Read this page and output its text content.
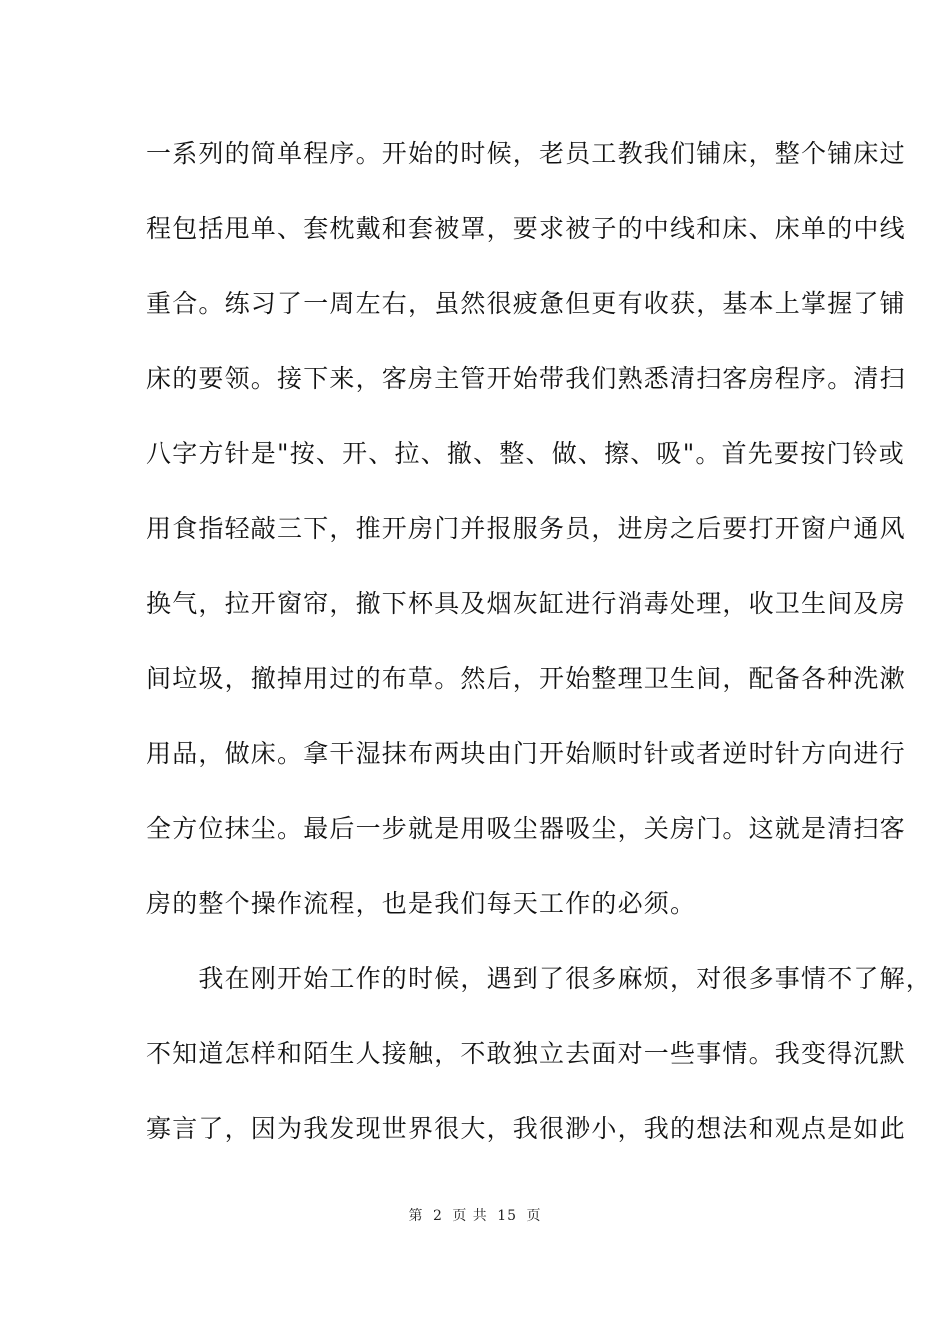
一系列的简单程序。开始的时候，老员工教我们铺床，整个铺床过
程包括甩单、套枕戴和套被罩，要求被子的中线和床、床单的中线
重合。练习了一周左右，虽然很疲惫但更有收获，基本上掌握了铺
床的要领。接下来，客房主管开始带我们熟悉清扫客房程序。清扫
八字方针是"按、开、拉、撤、整、做、擦、吸"。首先要按门铃或
用食指轻敲三下，推开房门并报服务员，进房之后要打开窗户通风
换气，拉开窗帘，撤下杯具及烟灰缸进行消毒处理，收卫生间及房
间垃圾，撤掉用过的布草。然后，开始整理卫生间，配备各种洗漱
用品，做床。拿干湿抹布两块由门开始顺时针或者逆时针方向进行
全方位抹尘。最后一步就是用吸尘器吸尘，关房门。这就是清扫客
房的整个操作流程，也是我们每天工作的必须。
　　我在刚开始工作的时候，遇到了很多麻烦，对很多事情不了解，
不知道怎样和陌生人接触，不敢独立去面对一些事情。我变得沉默
寡言了，因为我发现世界很大，我很渺小，我的想法和观点是如此
第 2 页 共 15 页
